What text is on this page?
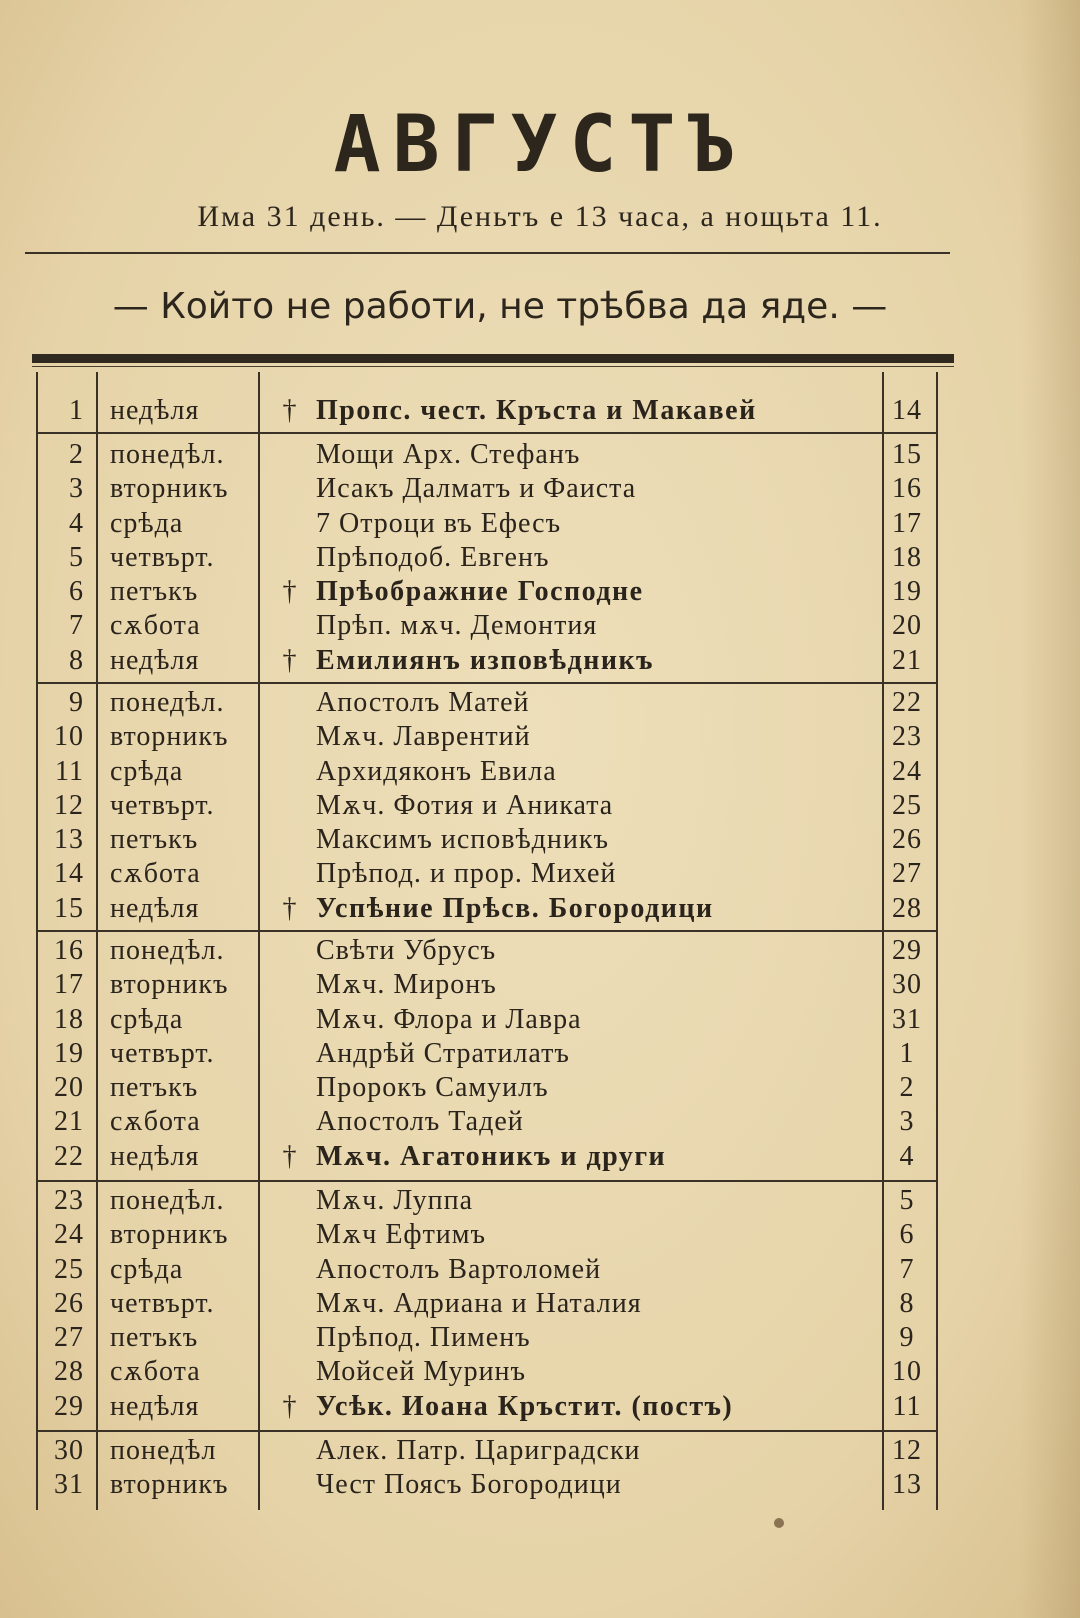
АВГУСТЪ
Има 31 день. — Деньтъ е 13 часа, а нощьта 11.
— Който не работи, не трѣбва да яде. —
1 недѣля	† Пропс. чест. Кръста и Макавей	14
2 понедѣл.	Мощи Арх. Стефанъ	15
3 вторникъ	Исакъ Далматъ и Фаиста	16
4 срѣда	7 Отроци въ Ефесъ	17
5 четвърт.	Прѣподоб. Евгенъ	18
6 петъкъ	† Прѣображние Господне	19
7 сѫбота	Прѣп. мѫч. Демонтия	20
8 недѣля	† Емилиянъ изповѣдникъ	21
9 понедѣл.	Апостолъ Матей	22
10 вторникъ	Мѫч. Лаврентий	23
11 срѣда	Архидяконъ Евила	24
12 четвърт.	Мѫч. Фотия и Аниката	25
13 петъкъ	Максимъ исповѣдникъ	26
14 сѫбота	Прѣпод. и прор. Михей	27
15 недѣля	† Успѣние Прѣсв. Богородици	28
16 понедѣл.	Свѣти Убрусъ	29
17 вторникъ	Мѫч. Миронъ	30
18 срѣда	Мѫч. Флора и Лавра	31
19 четвърт.	Андрѣй Стратилатъ	1
20 петъкъ	Пророкъ Самуилъ	2
21 сѫбота	Апостолъ Тадей	3
22 недѣля	† Мѫч. Агатоникъ и други	4
23 понедѣл.	Мѫч. Луппа	5
24 вторникъ	Мѫч Ефтимъ	6
25 срѣда	Апостолъ Вартоломей	7
26 четвърт.	Мѫч. Адриана и Наталия	8
27 петъкъ	Прѣпод. Пименъ	9
28 сѫбота	Мойсей Муринъ	10
29 недѣля	† Усѣк. Иоана Кръстит. (постъ)	11
30 понедѣл	Алек. Патр. Цариградски	12
31 вторникъ	Чест Поясъ Богородици	13
